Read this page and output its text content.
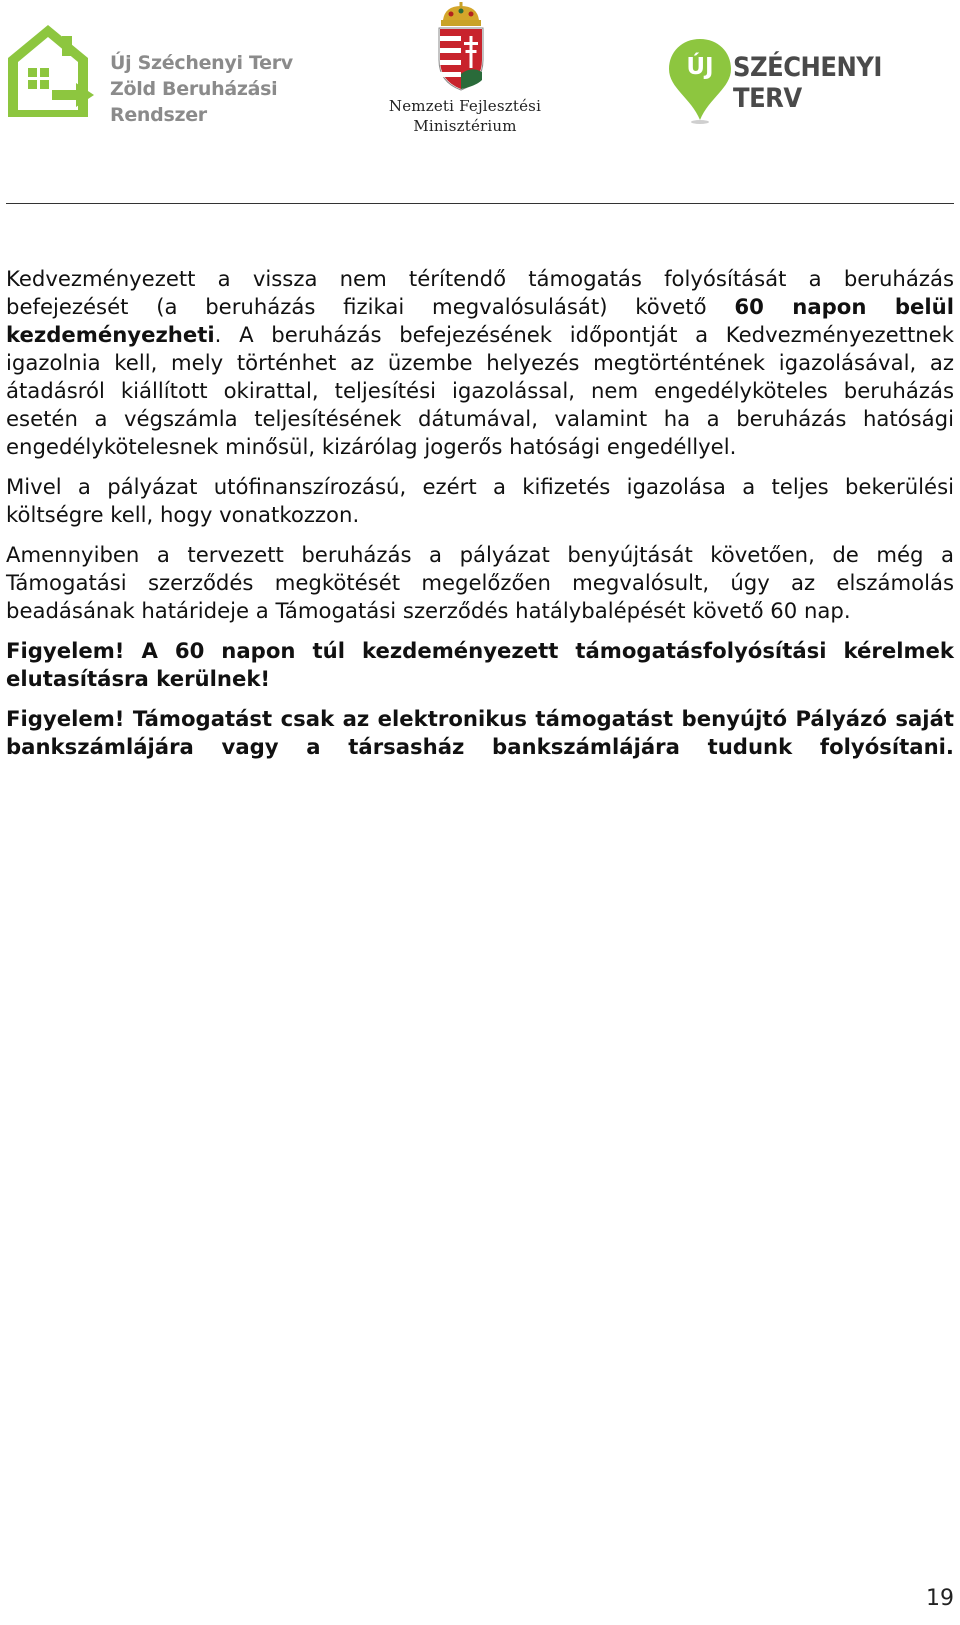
Új Széchenyi Terv
Zöld Beruházási
Rendszer	Nemzeti Fejlesztési
Minisztérium
ÚJ SZÉCHENYI TERV

Kedvezményezett a vissza nem térítendő támogatás folyósítását a beruházás befejezését (a beruházás fizikai megvalósulását) követő 60 napon belül kezdeményezheti. A beruházás befejezésének időpontját a Kedvezményezettnek igazolnia kell, mely történhet az üzembe helyezés megtörténtének igazolásával, az átadásról kiállított okirattal, teljesítési igazolással, nem engedélyköteles beruházás esetén a végszámla teljesítésének dátumával, valamint ha a beruházás hatósági engedélykötelesnek minősül, kizárólag jogerős hatósági engedéllyel.

Mivel a pályázat utófinanszírozású, ezért a kifizetés igazolása a teljes bekerülési költségre kell, hogy vonatkozzon.

Amennyiben a tervezett beruházás a pályázat benyújtását követően, de még a Támogatási szerződés megkötését megelőzően megvalósult, úgy az elszámolás beadásának határideje a Támogatási szerződés hatálybalépését követő 60 nap.

Figyelem! A 60 napon túl kezdeményezett támogatásfolyósítási kérelmek elutasításra kerülnek!

Figyelem! Támogatást csak az elektronikus támogatást benyújtó Pályázó saját bankszámlájára vagy a társasház bankszámlájára tudunk folyósítani.

19
